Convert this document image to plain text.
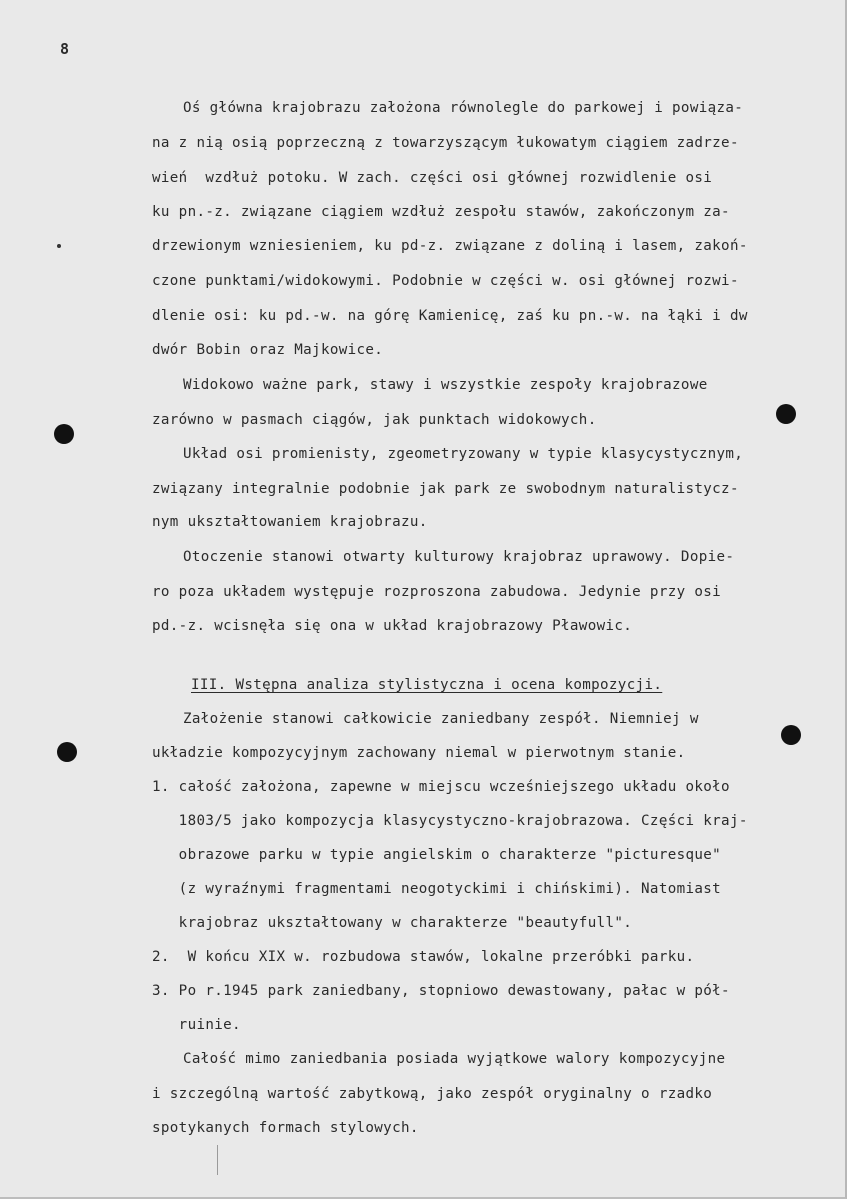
8
Oś główna krajobrazu założona równolegle do parkowej i powiąza-
na z nią osią poprzeczną z towarzyszącym łukowatym ciągiem zadrze-
wień  wzdłuż potoku. W zach. części osi głównej rozwidlenie osi
ku pn.-z. związane ciągiem wzdłuż zespołu stawów, zakończonym za-
drzewionym wzniesieniem, ku pd-z. związane z doliną i lasem, zakoń-
czone punktami/widokowymi. Podobnie w części w. osi głównej rozwi-
dlenie osi: ku pd.-w. na górę Kamienicę, zaś ku pn.-w. na łąki i dw
dwór Bobin oraz Majkowice.
Widokowo ważne park, stawy i wszystkie zespoły krajobrazowe
zarówno w pasmach ciągów, jak punktach widokowych.
Układ osi promienisty, zgeometryzowany w typie klasycystycznym,
związany integralnie podobnie jak park ze swobodnym naturalistycz-
nym ukształtowaniem krajobrazu.
Otoczenie stanowi otwarty kulturowy krajobraz uprawowy. Dopie-
ro poza układem występuje rozproszona zabudowa. Jedynie przy osi
pd.-z. wcisnęła się ona w układ krajobrazowy Pławowic.
III. Wstępna analiza stylistyczna i ocena kompozycji.
Założenie stanowi całkowicie zaniedbany zespół. Niemniej w
układzie kompozycyjnym zachowany niemal w pierwotnym stanie.
1. całość założona, zapewne w miejscu wcześniejszego układu około
1803/5 jako kompozycja klasycystyczno-krajobrazowa. Części kraj-
obrazowe parku w typie angielskim o charakterze "picturesque"
(z wyraźnymi fragmentami neogotyckimi i chińskimi). Natomiast
krajobraz ukształtowany w charakterze "beautyfull".
2.  W końcu XIX w. rozbudowa stawów, lokalne przeróbki parku.
3. Po r.1945 park zaniedbany, stopniowo dewastowany, pałac w pół-
ruinie.
Całość mimo zaniedbania posiada wyjątkowe walory kompozycyjne
i szczególną wartość zabytkową, jako zespół oryginalny o rzadko
spotykanych formach stylowych.
